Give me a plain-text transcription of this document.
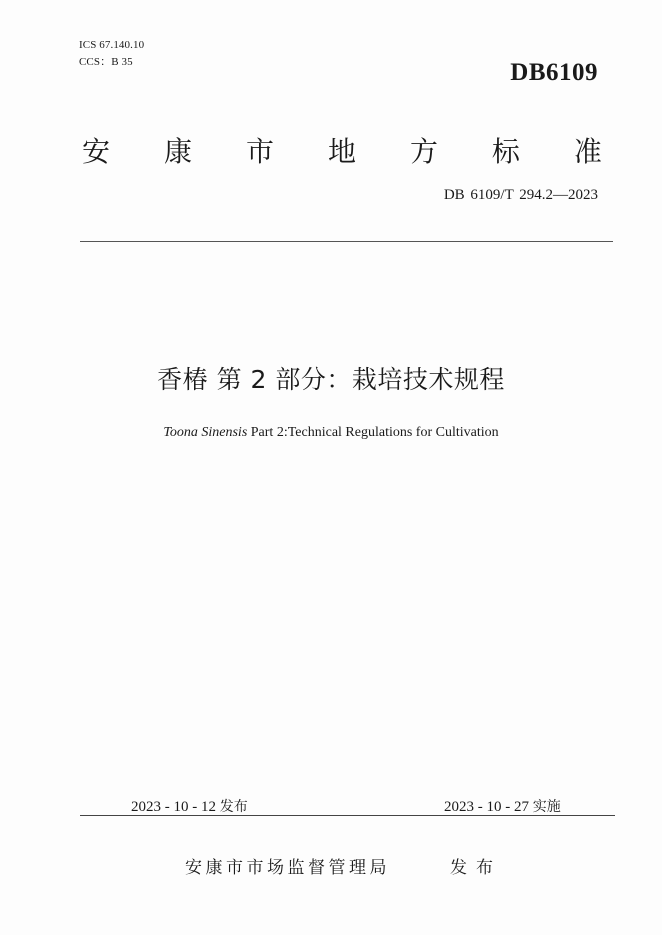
ICS 67.140.10
CCS：B 35	DB6109
安 康 市 地 方 标 准
DB 6109/T 294.2—2023
香椿 第 2 部分：栽培技术规程
Toona Sinensis Part 2:Technical Regulations for Cultivation
2023 - 10 - 12 发布	2023 - 10 - 27 实施
安康市市场监督管理局	发布
